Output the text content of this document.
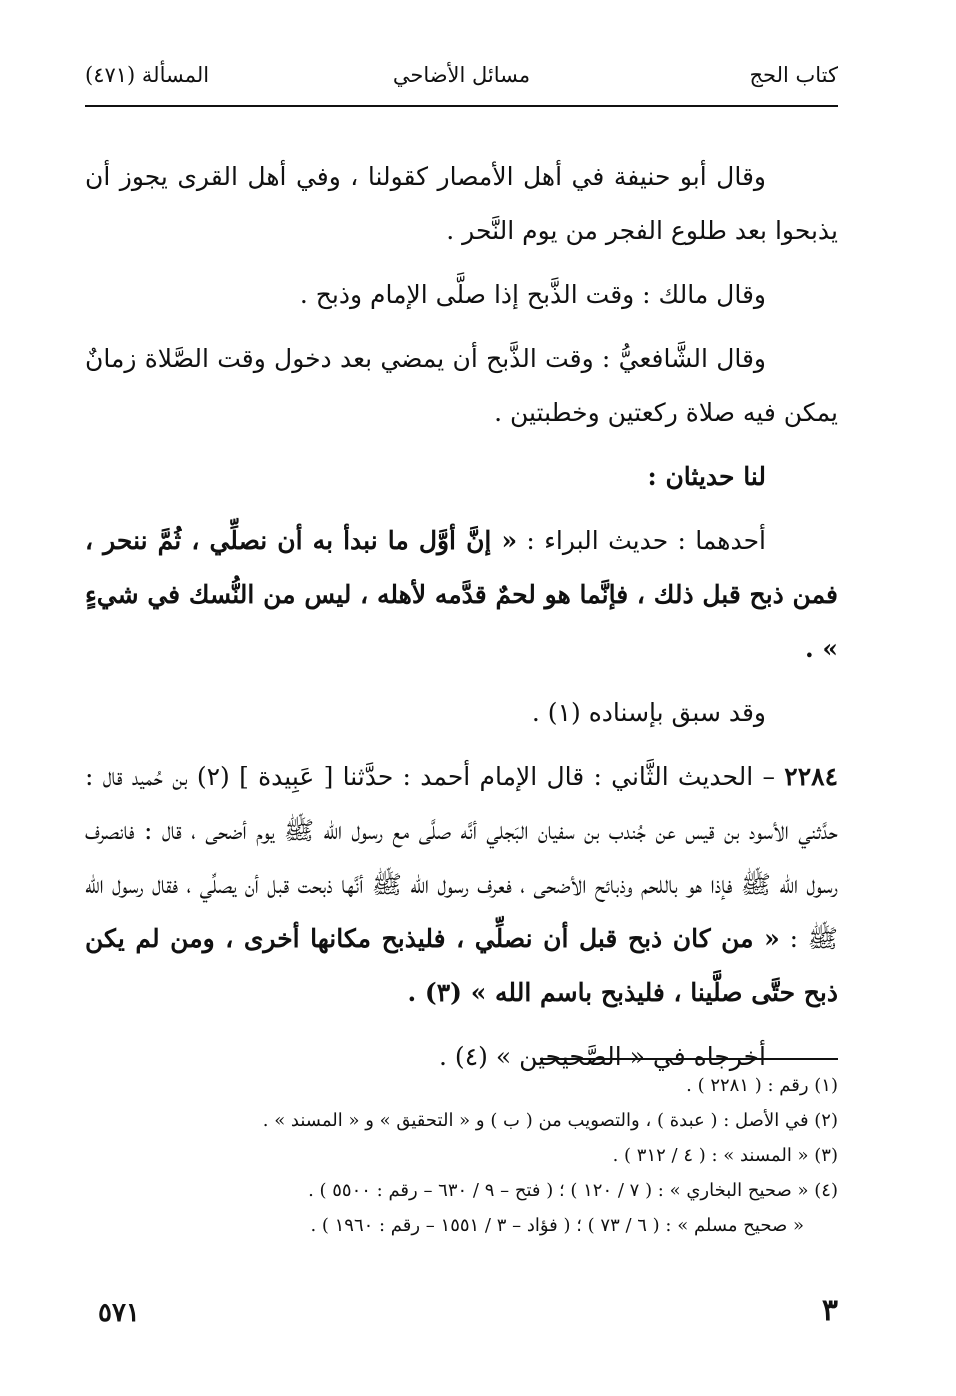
كتاب الحج
مسائل الأضاحي
المسألة (٤٧١)

وقال أبو حنيفة في أهل الأمصار كقولنا ، وفي أهل القرى يجوز أن يذبحوا بعد طلوع الفجر من يوم النَّحر .

وقال مالك : وقت الذَّبح إذا صلَّى الإمام وذبح .

وقال الشَّافعيُّ : وقت الذَّبح أن يمضي بعد دخول وقت الصَّلاة زمانٌ يمكن فيه صلاة ركعتين وخطبتين .

لنا حديثان :

أحدهما : حديث البراء : « إنَّ أوَّل ما نبدأ به أن نصلِّي ، ثُمَّ ننحر ، فمن ذبح قبل ذلك ، فإنَّما هو لحمٌ قدَّمه لأهله ، ليس من النُّسك في شيءٍ » .

وقد سبق بإسناده (١) .

٢٢٨٤ – الحديث الثَّاني : قال الإمام أحمد : حدَّثنا [ عَبِيدة ] (٢) بن حُميد قال : حدَّثني الأسود بن قيس عن جُندب بن سفيان البَجلي أنَّه صلَّى مع رسول الله ﷺ يوم أضحى ، قال : فانصرف رسول الله ﷺ فإذا هو باللحم وذبائح الأضحى ، فعرف رسول الله ﷺ أنَّها ذبحت قبل أن يصلِّي ، فقال رسول الله ﷺ : « من كان ذبح قبل أن نصلِّي ، فليذبح مكانها أخرى ، ومن لم يكن ذبح حتَّى صلَّينا ، فليذبح باسم الله » (٣) .

أخرجاه في « الصَّحيحين » (٤) .

(١) رقم : ( ٢٢٨١ ) .
(٢) في الأصل : ( عبدة ) ، والتصويب من ( ب ) و « التحقيق » و « المسند » .
(٣) « المسند » : ( ٤ / ٣١٢ ) .
(٤) « صحيح البخاري » : ( ٧ / ١٢٠ ) ؛ ( فتح – ٩ / ٦٣٠ – رقم : ٥٥٠٠ ) .
« صحيح مسلم » : ( ٦ / ٧٣ ) ؛ ( فؤاد – ٣ / ١٥٥١ – رقم : ١٩٦٠ ) .
٣
٥٧١
